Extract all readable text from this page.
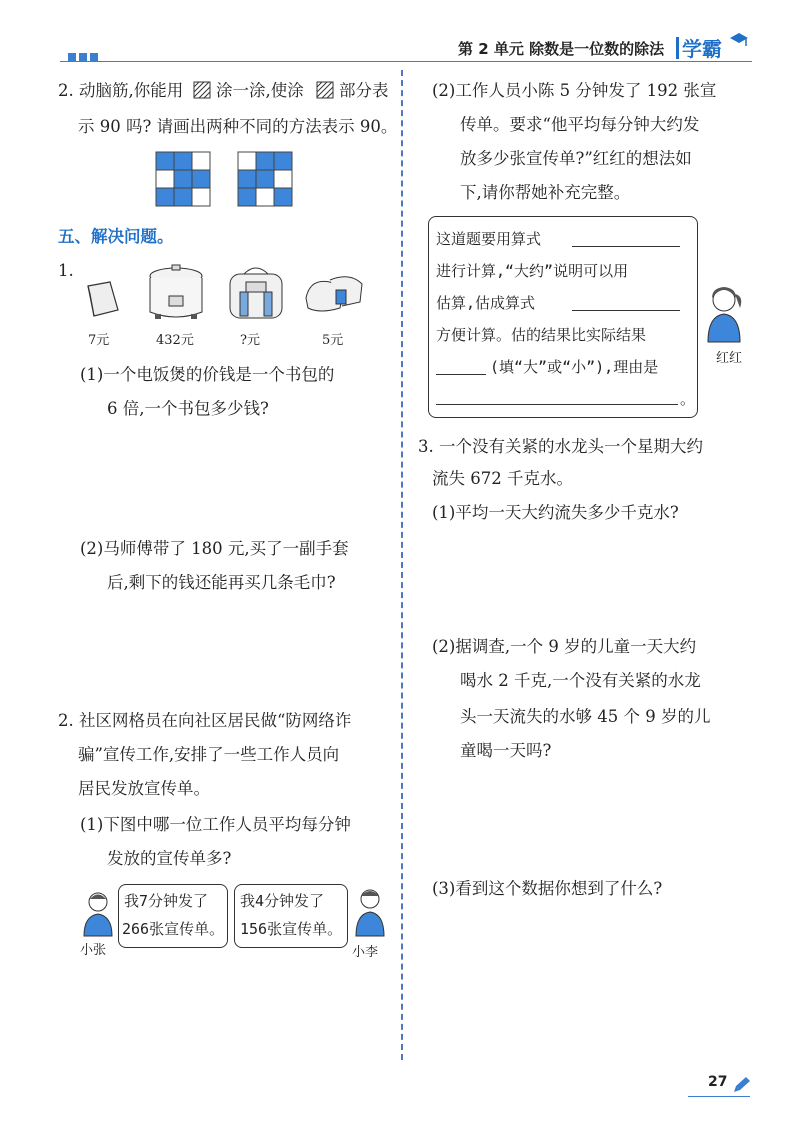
第 2 单元 除数是一位数的除法 学霸
2. 动脑筋,你能用 涂一涂,使涂 部分表
示 90 吗? 请画出两种不同的方法表示 90。
五、解决问题。
1.
7元	432元	?元	5元
(1)一个电饭煲的价钱是一个书包的
6 倍,一个书包多少钱?
(2)马师傅带了 180 元,买了一副手套
后,剩下的钱还能再买几条毛巾?
2. 社区网格员在向社区居民做“防网络诈
骗”宣传工作,安排了一些工作人员向
居民发放宣传单。
(1)下图中哪一位工作人员平均每分钟
发放的宣传单多?
小张
我7分钟发了
266张宣传单。
我4分钟发了
156张宣传单。
小李
(2)工作人员小陈 5 分钟发了 192 张宣
传单。要求“他平均每分钟大约发
放多少张宣传单?”红红的想法如
下,请你帮她补充完整。
这道题要用算式
进行计算,“大约”说明可以用
估算,估成算式
方便计算。估的结果比实际结果
(填“大”或“小”),理由是
。
红红
3. 一个没有关紧的水龙头一个星期大约
流失 672 千克水。
(1)平均一天大约流失多少千克水?
(2)据调查,一个 9 岁的儿童一天大约
喝水 2 千克,一个没有关紧的水龙
头一天流失的水够 45 个 9 岁的儿
童喝一天吗?
(3)看到这个数据你想到了什么?
27
